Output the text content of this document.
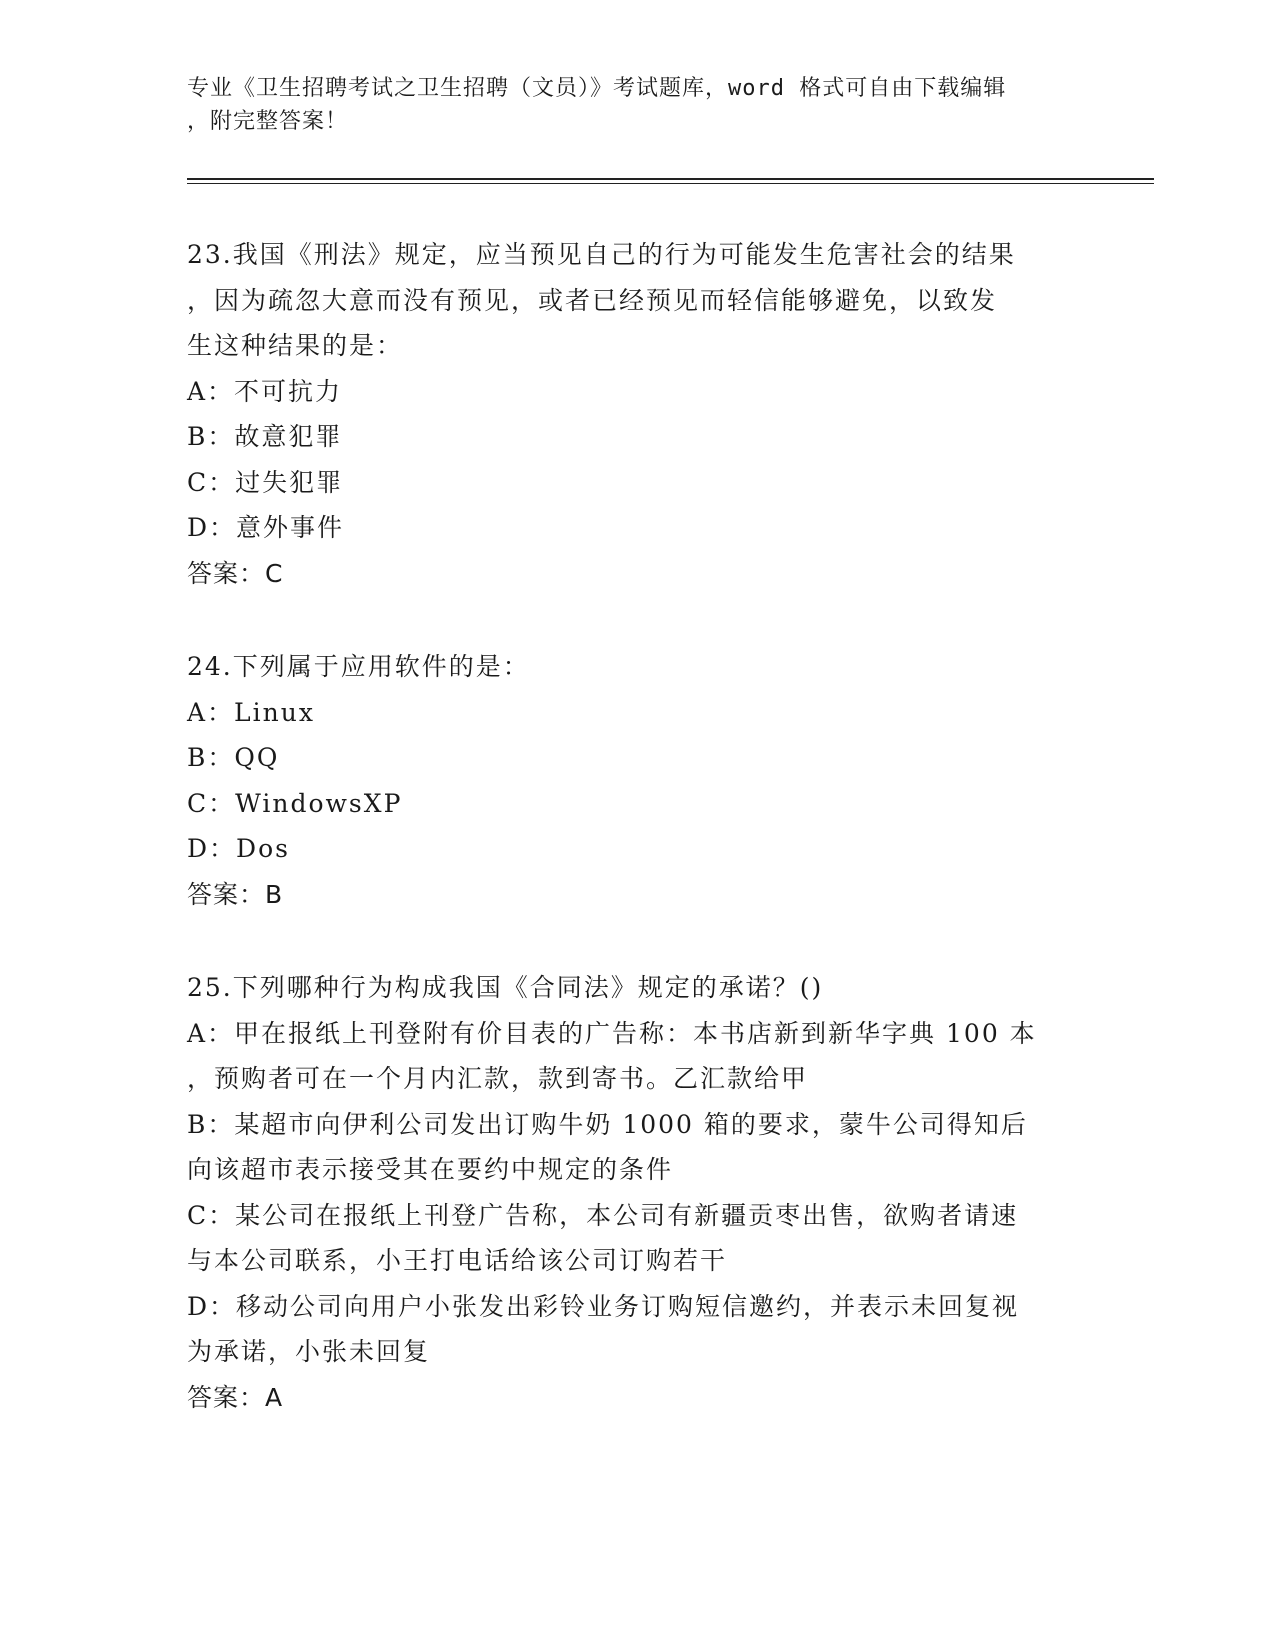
专业《卫生招聘考试之卫生招聘（文员）》考试题库，word 格式可自由下载编辑
，附完整答案！
23.我国《刑法》规定，应当预见自己的行为可能发生危害社会的结果
，因为疏忽大意而没有预见，或者已经预见而轻信能够避免，以致发
生这种结果的是：
A：不可抗力
B：故意犯罪
C：过失犯罪
D：意外事件
答案：C
24.下列属于应用软件的是：
A：Linux
B：QQ
C：WindowsXP
D：Dos
答案：B
25.下列哪种行为构成我国《合同法》规定的承诺？()
A：甲在报纸上刊登附有价目表的广告称：本书店新到新华字典 100 本
，预购者可在一个月内汇款，款到寄书。乙汇款给甲
B：某超市向伊利公司发出订购牛奶 1000 箱的要求，蒙牛公司得知后
向该超市表示接受其在要约中规定的条件
C：某公司在报纸上刊登广告称，本公司有新疆贡枣出售，欲购者请速
与本公司联系，小王打电话给该公司订购若干
D：移动公司向用户小张发出彩铃业务订购短信邀约，并表示未回复视
为承诺，小张未回复
答案：A
